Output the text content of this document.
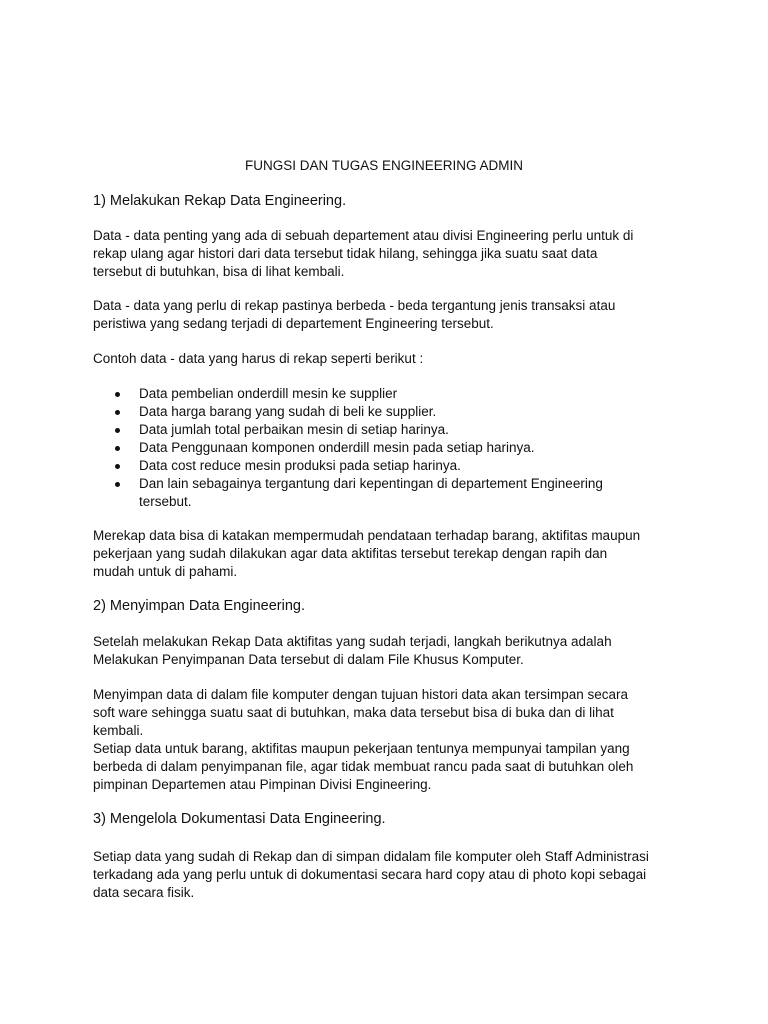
FUNGSI DAN TUGAS ENGINEERING ADMIN
1) Melakukan Rekap Data Engineering.

Data - data penting yang ada di sebuah departement atau divisi Engineering perlu untuk di
rekap ulang agar histori dari data tersebut tidak hilang, sehingga jika suatu saat data
tersebut di butuhkan, bisa di lihat kembali.

Data - data yang perlu di rekap pastinya berbeda - beda tergantung jenis transaksi atau
peristiwa yang sedang terjadi di departement Engineering tersebut.

Contoh data - data yang harus di rekap seperti berikut :

Data pembelian onderdill mesin ke supplier
Data harga barang yang sudah di beli ke supplier.
Data jumlah total perbaikan mesin di setiap harinya.
Data Penggunaan komponen onderdill mesin pada setiap harinya.
Data cost reduce mesin produksi pada setiap harinya.
Dan lain sebagainya tergantung dari kepentingan di departement Engineering
tersebut.

Merekap data bisa di katakan mempermudah pendataan terhadap barang, aktifitas maupun
pekerjaan yang sudah dilakukan agar data aktifitas tersebut terekap dengan rapih dan
mudah untuk di pahami.

2) Menyimpan Data Engineering.

Setelah melakukan Rekap Data aktifitas yang sudah terjadi, langkah berikutnya adalah
Melakukan Penyimpanan Data tersebut di dalam File Khusus Komputer.

Menyimpan data di dalam file komputer dengan tujuan histori data akan tersimpan secara
soft ware sehingga suatu saat di butuhkan, maka data tersebut bisa di buka dan di lihat
kembali.
Setiap data untuk barang, aktifitas maupun pekerjaan tentunya mempunyai tampilan yang
berbeda di dalam penyimpanan file, agar tidak membuat rancu pada saat di butuhkan oleh
pimpinan Departemen atau Pimpinan Divisi Engineering.

3) Mengelola Dokumentasi Data Engineering.

Setiap data yang sudah di Rekap dan di simpan didalam file komputer oleh Staff Administrasi
terkadang ada yang perlu untuk di dokumentasi secara hard copy atau di photo kopi sebagai
data secara fisik.
